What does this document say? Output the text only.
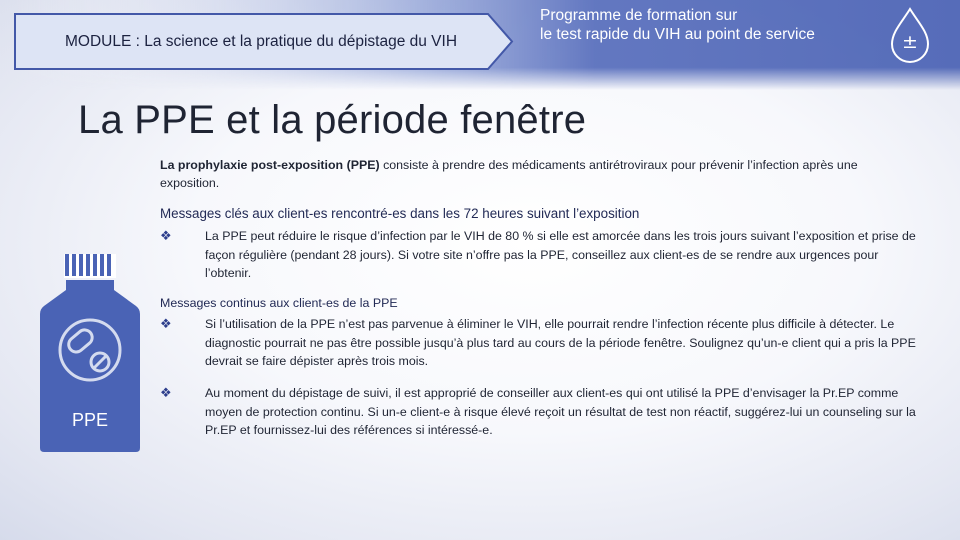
MODULE : La science et la pratique du dépistage du VIH
Programme de formation sur
le test rapide du VIH au point de service	±
La PPE et la période fenêtre
La prophylaxie post-exposition (PPE) consiste à prendre des médicaments antirétroviraux pour prévenir l’infection après une exposition.
Messages clés aux client-es rencontré-es dans les 72 heures suivant l’exposition
❖	La PPE peut réduire le risque d’infection par le VIH de 80 % si elle est amorcée dans les trois jours suivant l’exposition et prise de façon régulière (pendant 28 jours). Si votre site n’offre pas la PPE, conseillez aux client-es de se rendre aux urgences pour l’obtenir.
Messages continus aux client-es de la PPE
❖	Si l’utilisation de la PPE n’est pas parvenue à éliminer le VIH, elle pourrait rendre l’infection récente plus difficile à détecter. Le diagnostic pourrait ne pas être possible jusqu’à plus tard au cours de la période fenêtre. Soulignez qu’un-e client qui a pris la PPE devrait se faire dépister après trois mois.
❖	Au moment du dépistage de suivi, il est approprié de conseiller aux client-es qui ont utilisé la PPE d’envisager la Pr.EP comme moyen de protection continu. Si un-e client-e à risque élevé reçoit un résultat de test non réactif, suggérez-lui un counseling sur la Pr.EP et fournissez-lui des références si intéressé-e.
PPE
